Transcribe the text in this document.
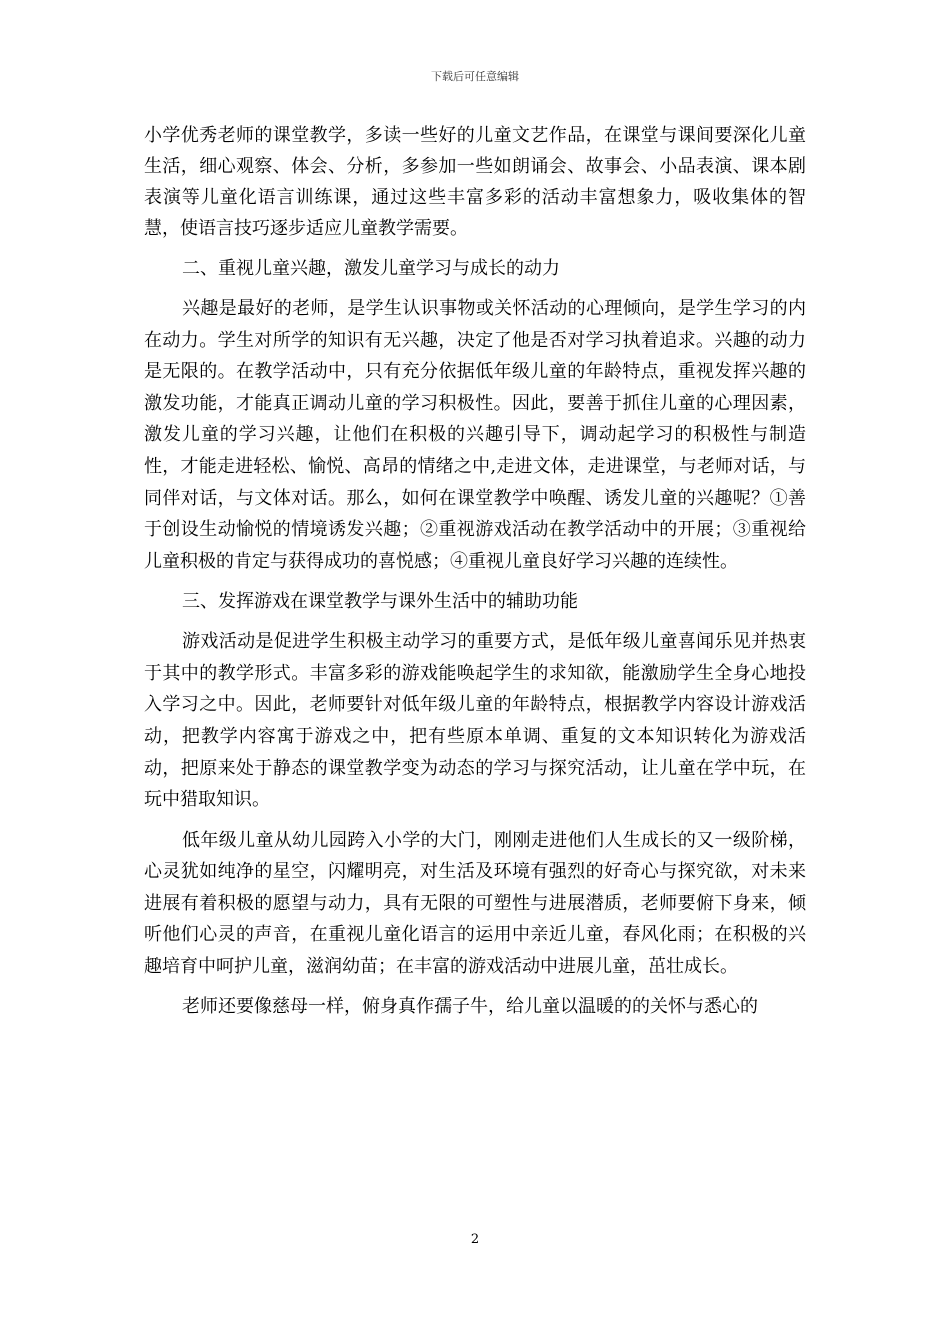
下载后可任意编辑

小学优秀老师的课堂教学，多读一些好的儿童文艺作品，在课堂与课间要深化儿童生活，细心观察、体会、分析，多参加一些如朗诵会、故事会、小品表演、课本剧表演等儿童化语言训练课，通过这些丰富多彩的活动丰富想象力，吸收集体的智慧，使语言技巧逐步适应儿童教学需要。

二、重视儿童兴趣，激发儿童学习与成长的动力

兴趣是最好的老师，是学生认识事物或关怀活动的心理倾向，是学生学习的内在动力。学生对所学的知识有无兴趣，决定了他是否对学习执着追求。兴趣的动力是无限的。在教学活动中，只有充分依据低年级儿童的年龄特点，重视发挥兴趣的激发功能，才能真正调动儿童的学习积极性。因此，要善于抓住儿童的心理因素，激发儿童的学习兴趣，让他们在积极的兴趣引导下，调动起学习的积极性与制造性，才能走进轻松、愉悦、高昂的情绪之中,走进文体，走进课堂，与老师对话，与同伴对话，与文体对话。那么，如何在课堂教学中唤醒、诱发儿童的兴趣呢？①善于创设生动愉悦的情境诱发兴趣；②重视游戏活动在教学活动中的开展；③重视给儿童积极的肯定与获得成功的喜悦感；④重视儿童良好学习兴趣的连续性。

三、发挥游戏在课堂教学与课外生活中的辅助功能

游戏活动是促进学生积极主动学习的重要方式，是低年级儿童喜闻乐见并热衷于其中的教学形式。丰富多彩的游戏能唤起学生的求知欲，能激励学生全身心地投入学习之中。因此，老师要针对低年级儿童的年龄特点，根据教学内容设计游戏活动，把教学内容寓于游戏之中，把有些原本单调、重复的文本知识转化为游戏活动，把原来处于静态的课堂教学变为动态的学习与探究活动，让儿童在学中玩，在玩中猎取知识。

低年级儿童从幼儿园跨入小学的大门，刚刚走进他们人生成长的又一级阶梯，心灵犹如纯净的星空，闪耀明亮，对生活及环境有强烈的好奇心与探究欲，对未来进展有着积极的愿望与动力，具有无限的可塑性与进展潜质，老师要俯下身来，倾听他们心灵的声音，在重视儿童化语言的运用中亲近儿童，春风化雨；在积极的兴趣培育中呵护儿童，滋润幼苗；在丰富的游戏活动中进展儿童，茁壮成长。

老师还要像慈母一样，俯身真作孺子牛，给儿童以温暖的的关怀与悉心的

2
